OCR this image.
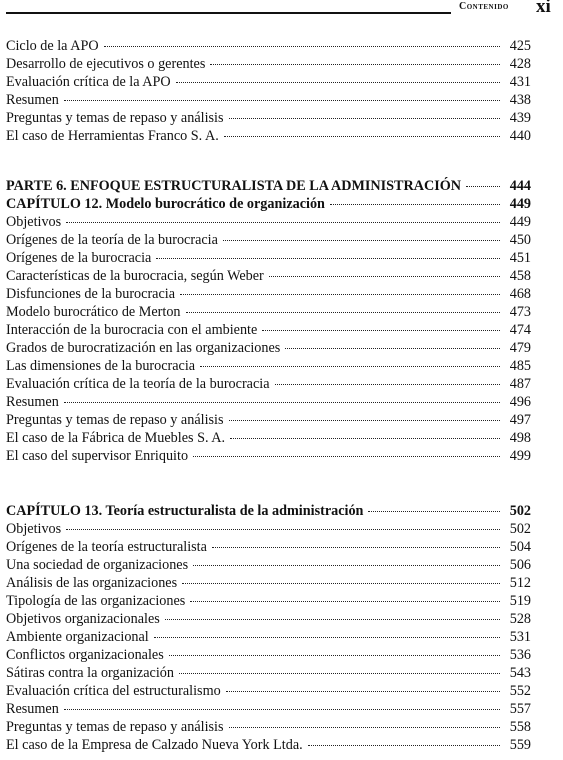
Contenido xi
Ciclo de la APO	425
Desarrollo de ejecutivos o gerentes	428
Evaluación crítica de la APO	431
Resumen	438
Preguntas y temas de repaso y análisis	439
El caso de Herramientas Franco S. A.	440
PARTE 6. ENFOQUE ESTRUCTURALISTA DE LA ADMINISTRACIÓN	444
CAPÍTULO 12. Modelo burocrático de organización	449
Objetivos	449
Orígenes de la teoría de la burocracia	450
Orígenes de la burocracia	451
Características de la burocracia, según Weber	458
Disfunciones de la burocracia	468
Modelo burocrático de Merton	473
Interacción de la burocracia con el ambiente	474
Grados de burocratización en las organizaciones	479
Las dimensiones de la burocracia	485
Evaluación crítica de la teoría de la burocracia	487
Resumen	496
Preguntas y temas de repaso y análisis	497
El caso de la Fábrica de Muebles S. A.	498
El caso del supervisor Enriquito	499
CAPÍTULO 13. Teoría estructuralista de la administración	502
Objetivos	502
Orígenes de la teoría estructuralista	504
Una sociedad de organizaciones	506
Análisis de las organizaciones	512
Tipología de las organizaciones	519
Objetivos organizacionales	528
Ambiente organizacional	531
Conflictos organizacionales	536
Sátiras contra la organización	543
Evaluación crítica del estructuralismo	552
Resumen	557
Preguntas y temas de repaso y análisis	558
El caso de la Empresa de Calzado Nueva York Ltda.	559
